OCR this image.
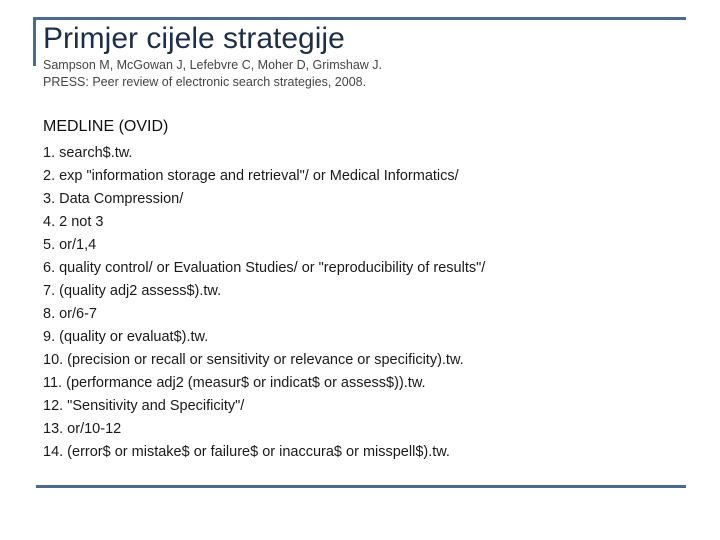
Primjer cijele strategije
Sampson M, McGowan J, Lefebvre C, Moher D, Grimshaw J.
PRESS: Peer review of electronic search strategies, 2008.
MEDLINE (OVID)
1. search$.tw.
2. exp "information storage and retrieval"/ or Medical Informatics/
3. Data Compression/
4. 2 not 3
5. or/1,4
6. quality control/ or Evaluation Studies/ or "reproducibility of results"/
7. (quality adj2 assess$).tw.
8. or/6-7
9. (quality or evaluat$).tw.
10. (precision or recall or sensitivity or relevance or specificity).tw.
11. (performance adj2 (measur$ or indicat$ or assess$)).tw.
12. "Sensitivity and Specificity"/
13. or/10-12
14. (error$ or mistake$ or failure$ or inaccura$ or misspell$).tw.
